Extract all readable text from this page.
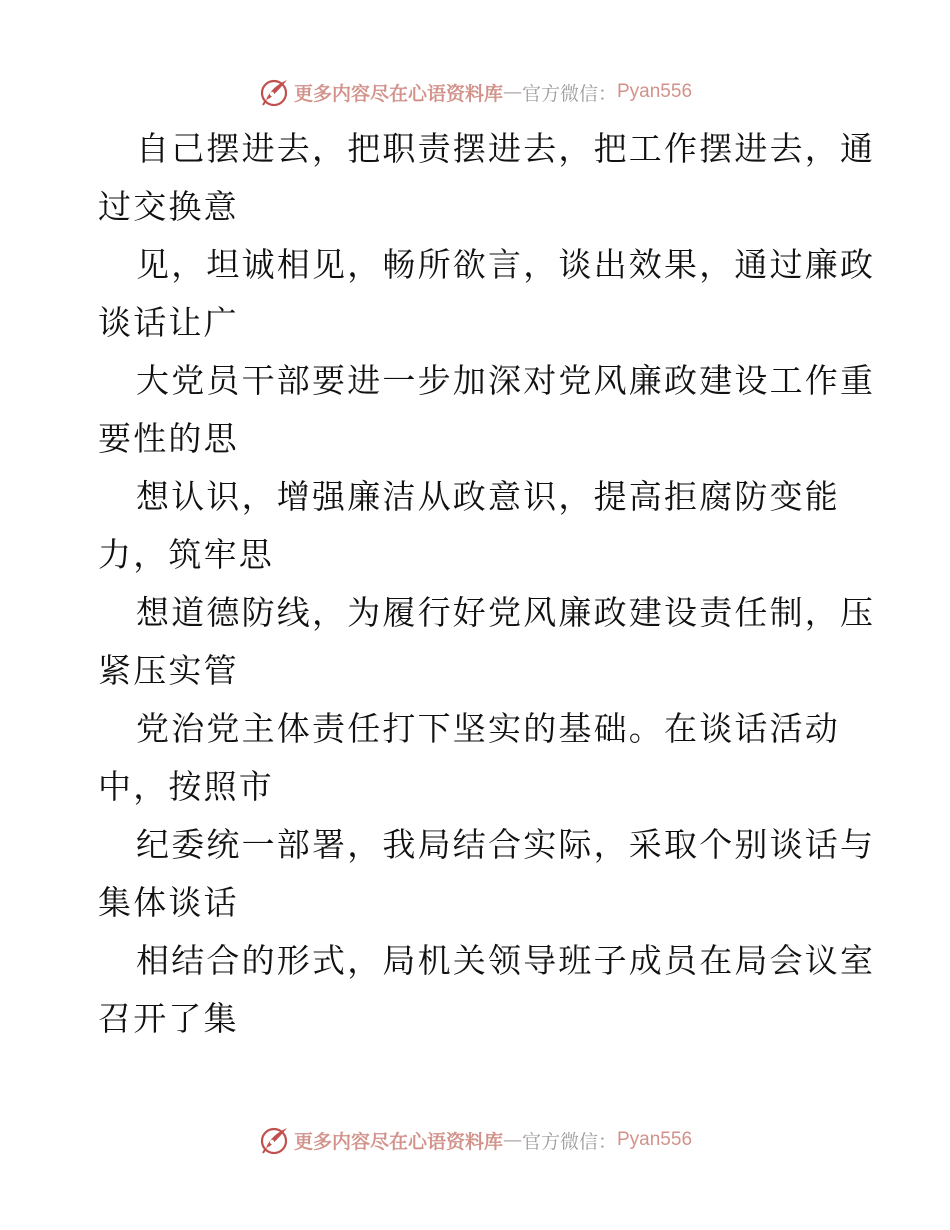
更多内容尽在心语资料库 — 官方微信： Pyan556
自己摆进去，把职责摆进去，把工作摆进去，通
过交换意
见，坦诚相见，畅所欲言，谈出效果，通过廉政
谈话让广
大党员干部要进一步加深对党风廉政建设工作重
要性的思
想认识，增强廉洁从政意识，提高拒腐防变能
力，筑牢思
想道德防线，为履行好党风廉政建设责任制，压
紧压实管
党治党主体责任打下坚实的基础。在谈话活动
中，按照市
纪委统一部署，我局结合实际，采取个别谈话与
集体谈话
相结合的形式，局机关领导班子成员在局会议室
召开了集
更多内容尽在心语资料库 — 官方微信： Pyan556
